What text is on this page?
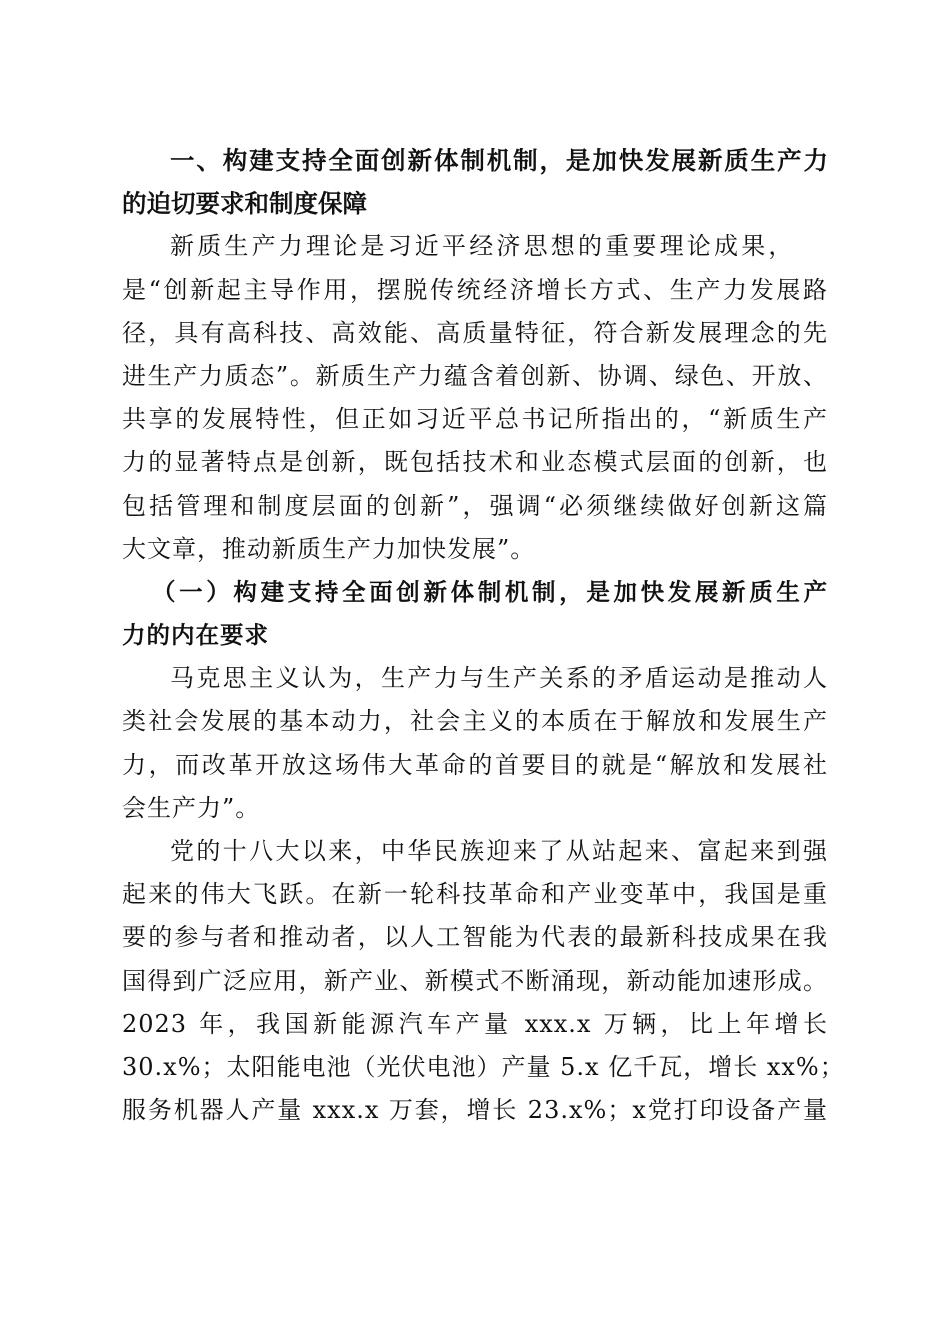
一、构建支持全面创新体制机制，是加快发展新质生产力
的迫切要求和制度保障
新质生产力理论是习近平经济思想的重要理论成果，
是“创新起主导作用，摆脱传统经济增长方式、生产力发展路
径，具有高科技、高效能、高质量特征，符合新发展理念的先
进生产力质态”。新质生产力蕴含着创新、协调、绿色、开放、
共享的发展特性，但正如习近平总书记所指出的，“新质生产
力的显著特点是创新，既包括技术和业态模式层面的创新，也
包括管理和制度层面的创新”，强调“必须继续做好创新这篇
大文章，推动新质生产力加快发展”。
（一）构建支持全面创新体制机制，是加快发展新质生产
力的内在要求
马克思主义认为，生产力与生产关系的矛盾运动是推动人
类社会发展的基本动力，社会主义的本质在于解放和发展生产
力，而改革开放这场伟大革命的首要目的就是“解放和发展社
会生产力”。
党的十八大以来，中华民族迎来了从站起来、富起来到强
起来的伟大飞跃。在新一轮科技革命和产业变革中，我国是重
要的参与者和推动者，以人工智能为代表的最新科技成果在我
国得到广泛应用，新产业、新模式不断涌现，新动能加速形成。
2023 年，我国新能源汽车产量 xxx.x 万辆，比上年增长
30.x%；太阳能电池（光伏电池）产量 5.x 亿千瓦，增长 xx%；
服务机器人产量 xxx.x 万套，增长 23.x%；x党打印设备产量
